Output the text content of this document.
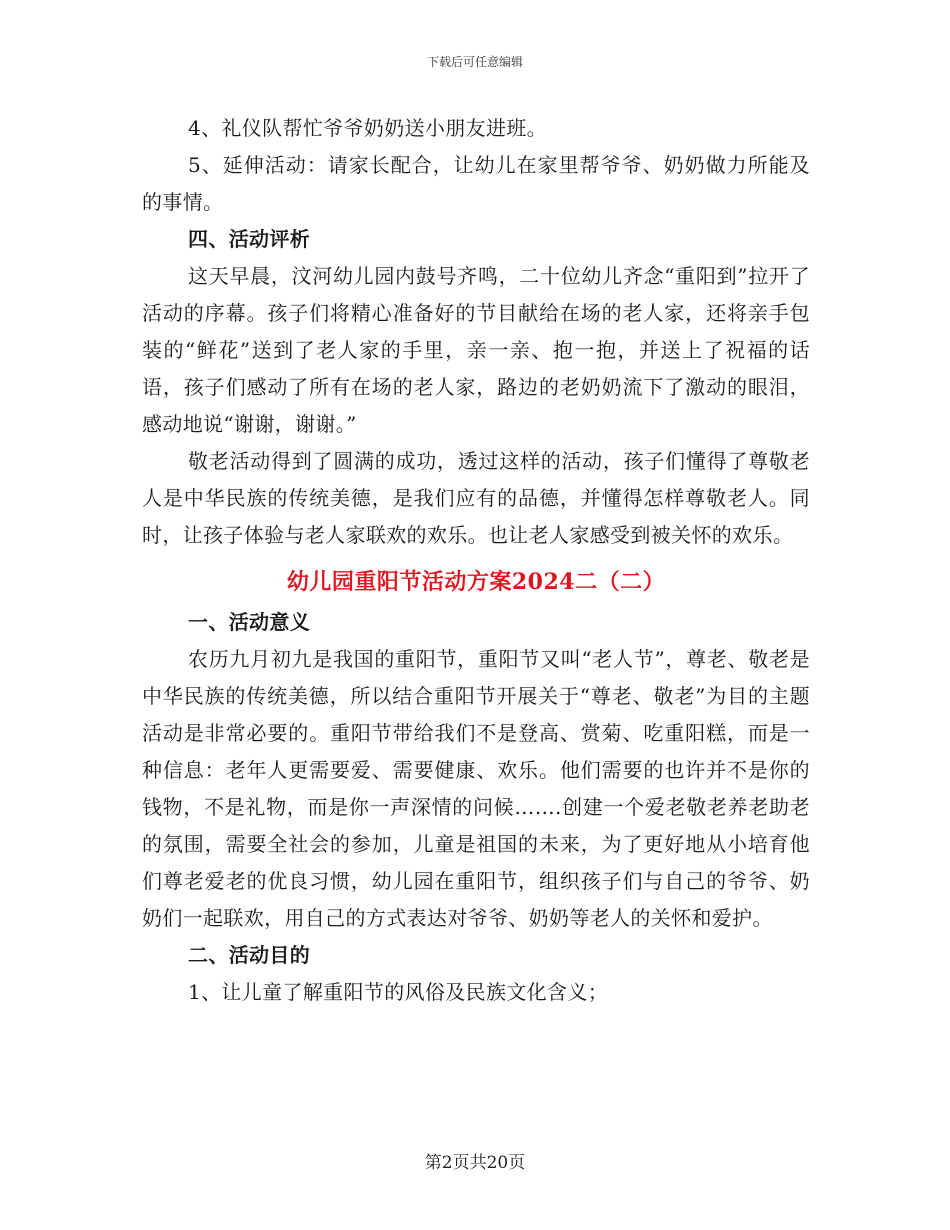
下载后可任意编辑

4、礼仪队帮忙爷爷奶奶送小朋友进班。

5、延伸活动：请家长配合，让幼儿在家里帮爷爷、奶奶做力所能及的事情。

四、活动评析

这天早晨，汶河幼儿园内鼓号齐鸣，二十位幼儿齐念“重阳到”拉开了活动的序幕。孩子们将精心准备好的节目献给在场的老人家，还将亲手包装的“鲜花”送到了老人家的手里，亲一亲、抱一抱，并送上了祝福的话语，孩子们感动了所有在场的老人家，路边的老奶奶流下了激动的眼泪，感动地说“谢谢，谢谢。”

敬老活动得到了圆满的成功，透过这样的活动，孩子们懂得了尊敬老人是中华民族的传统美德，是我们应有的品德，并懂得怎样尊敬老人。同时，让孩子体验与老人家联欢的欢乐。也让老人家感受到被关怀的欢乐。

幼儿园重阳节活动方案2024二（二）

一、活动意义

农历九月初九是我国的重阳节，重阳节又叫“老人节”，尊老、敬老是中华民族的传统美德，所以结合重阳节开展关于“尊老、敬老”为目的主题活动是非常必要的。重阳节带给我们不是登高、赏菊、吃重阳糕，而是一种信息：老年人更需要爱、需要健康、欢乐。他们需要的也许并不是你的钱物，不是礼物，而是你一声深情的问候…….创建一个爱老敬老养老助老的氛围，需要全社会的参加，儿童是祖国的未来，为了更好地从小培育他们尊老爱老的优良习惯，幼儿园在重阳节，组织孩子们与自己的爷爷、奶奶们一起联欢，用自己的方式表达对爷爷、奶奶等老人的关怀和爱护。

二、活动目的

1、让儿童了解重阳节的风俗及民族文化含义；

第2页共20页
